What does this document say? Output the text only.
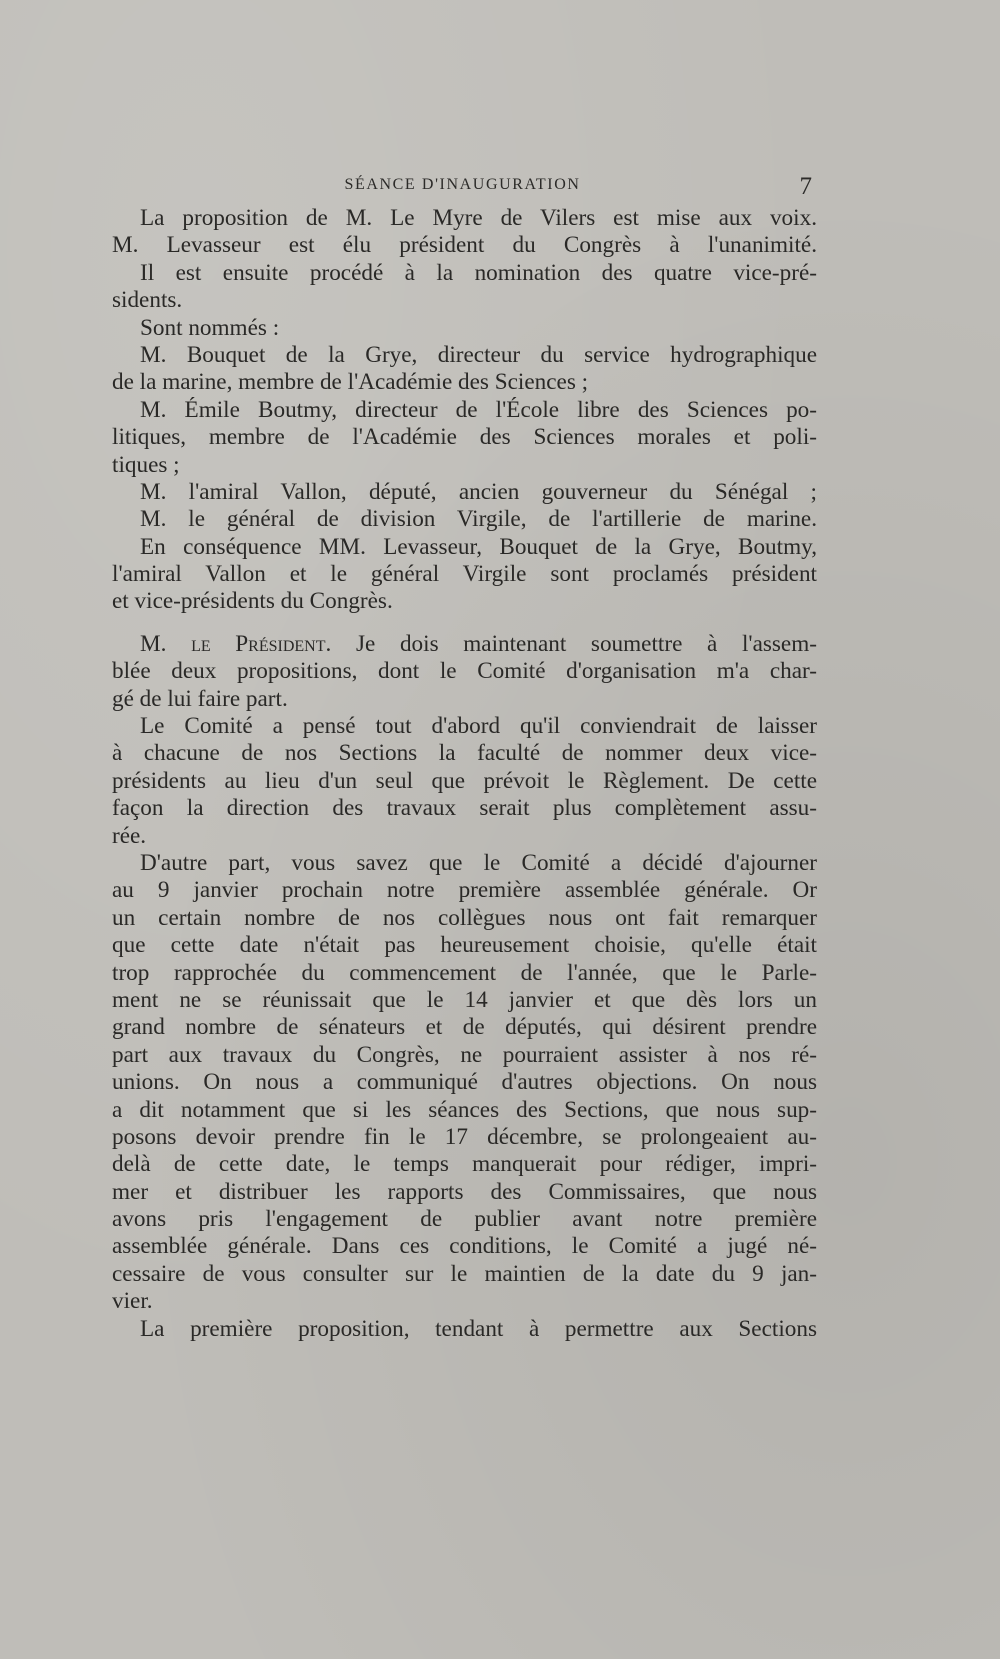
SÉANCE D'INAUGURATION	7
La proposition de M. Le Myre de Vilers est mise aux voix.
M. Levasseur est élu président du Congrès à l'unanimité.
Il est ensuite procédé à la nomination des quatre vice-pré-
sidents.
Sont nommés :
M. Bouquet de la Grye, directeur du service hydrographique
de la marine, membre de l'Académie des Sciences ;
M. Émile Boutmy, directeur de l'École libre des Sciences po-
litiques, membre de l'Académie des Sciences morales et poli-
tiques ;
M. l'amiral Vallon, député, ancien gouverneur du Sénégal ;
M. le général de division Virgile, de l'artillerie de marine.
En conséquence MM. Levasseur, Bouquet de la Grye, Boutmy,
l'amiral Vallon et le général Virgile sont proclamés président
et vice-présidents du Congrès.
M. le Président. Je dois maintenant soumettre à l'assem-
blée deux propositions, dont le Comité d'organisation m'a char-
gé de lui faire part.
Le Comité a pensé tout d'abord qu'il conviendrait de laisser
à chacune de nos Sections la faculté de nommer deux vice-
présidents au lieu d'un seul que prévoit le Règlement. De cette
façon la direction des travaux serait plus complètement assu-
rée.
D'autre part, vous savez que le Comité a décidé d'ajourner
au 9 janvier prochain notre première assemblée générale. Or
un certain nombre de nos collègues nous ont fait remarquer
que cette date n'était pas heureusement choisie, qu'elle était
trop rapprochée du commencement de l'année, que le Parle-
ment ne se réunissait que le 14 janvier et que dès lors un
grand nombre de sénateurs et de députés, qui désirent prendre
part aux travaux du Congrès, ne pourraient assister à nos ré-
unions. On nous a communiqué d'autres objections. On nous
a dit notamment que si les séances des Sections, que nous sup-
posons devoir prendre fin le 17 décembre, se prolongeaient au-
delà de cette date, le temps manquerait pour rédiger, impri-
mer et distribuer les rapports des Commissaires, que nous
avons pris l'engagement de publier avant notre première
assemblée générale. Dans ces conditions, le Comité a jugé né-
cessaire de vous consulter sur le maintien de la date du 9 jan-
vier.
La première proposition, tendant à permettre aux Sections
